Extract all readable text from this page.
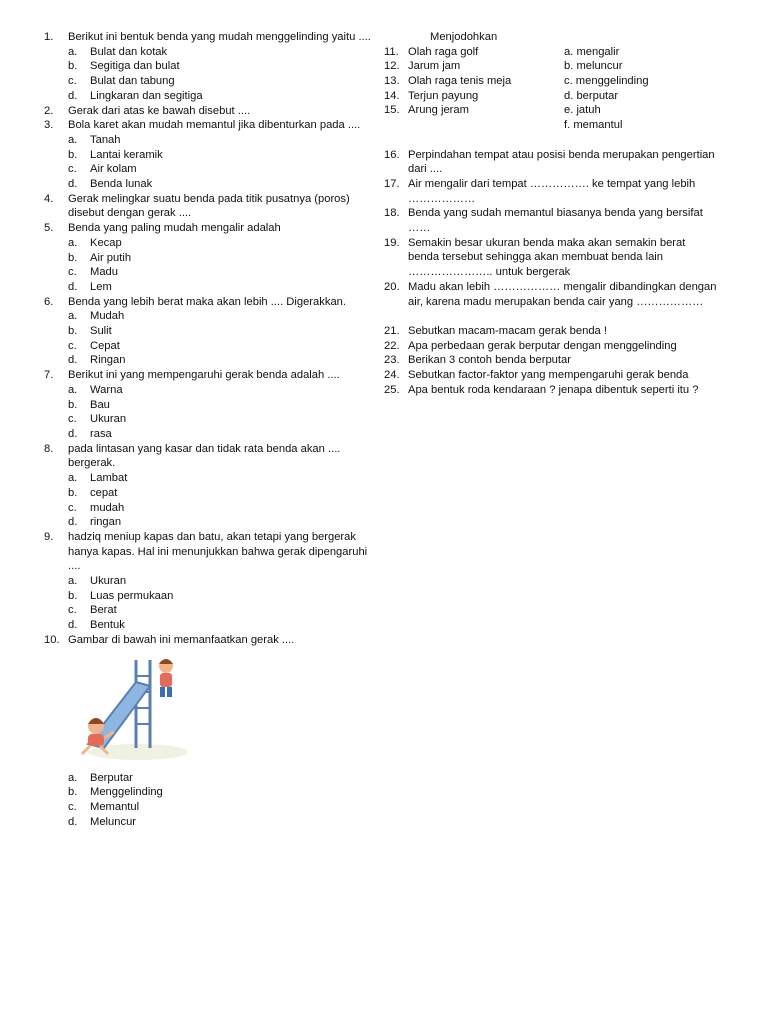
1. Berikut ini bentuk benda yang mudah menggelinding yaitu ....
a. Bulat dan kotak
b. Segitiga dan bulat
c. Bulat dan tabung
d. Lingkaran dan segitiga
2. Gerak dari atas ke bawah disebut ....
3. Bola karet akan mudah memantul jika dibenturkan pada ....
a. Tanah
b. Lantai keramik
c. Air kolam
d. Benda lunak
4. Gerak melingkar suatu benda pada titik pusatnya (poros) disebut dengan gerak ....
5. Benda yang paling mudah mengalir adalah
a. Kecap
b. Air putih
c. Madu
d. Lem
6. Benda yang lebih berat maka akan lebih .... Digerakkan.
a. Mudah
b. Sulit
c. Cepat
d. Ringan
7. Berikut ini yang mempengaruhi gerak benda adalah ....
a. Warna
b. Bau
c. Ukuran
d. rasa
8. pada lintasan yang kasar dan tidak rata benda akan .... bergerak.
a. Lambat
b. cepat
c. mudah
d. ringan
9. hadziq meniup kapas dan batu, akan tetapi yang bergerak hanya kapas. Hal ini menunjukkan bahwa gerak dipengaruhi ....
a. Ukuran
b. Luas permukaan
c. Berat
d. Bentuk
10. Gambar di bawah ini memanfaatkan gerak ....
a. Berputar
b. Menggelinding
c. Memantul
d. Meluncur
Menjodohkan
11. Olah raga golf	a. mengalir
12. Jarum jam	b. meluncur
13. Olah raga tenis meja	c. menggelinding
14. Terjun payung	d. berputar
15. Arung jeram	e. jatuh
f. memantul
16. Perpindahan tempat atau posisi benda merupakan pengertian dari ....
17. Air mengalir dari tempat ……………. ke tempat yang lebih ………………
18. Benda yang sudah memantul biasanya benda yang bersifat ……
19. Semakin besar ukuran benda maka akan semakin berat benda tersebut sehingga akan membuat benda lain ………………….. untuk bergerak
20. Madu akan lebih ……………… mengalir dibandingkan dengan air, karena madu merupakan benda cair yang ………………
21. Sebutkan macam-macam gerak benda !
22. Apa perbedaan gerak berputar dengan menggelinding
23. Berikan 3 contoh benda berputar
24. Sebutkan factor-faktor yang mempengaruhi gerak benda
25. Apa bentuk roda kendaraan ? jenapa dibentuk seperti itu ?
